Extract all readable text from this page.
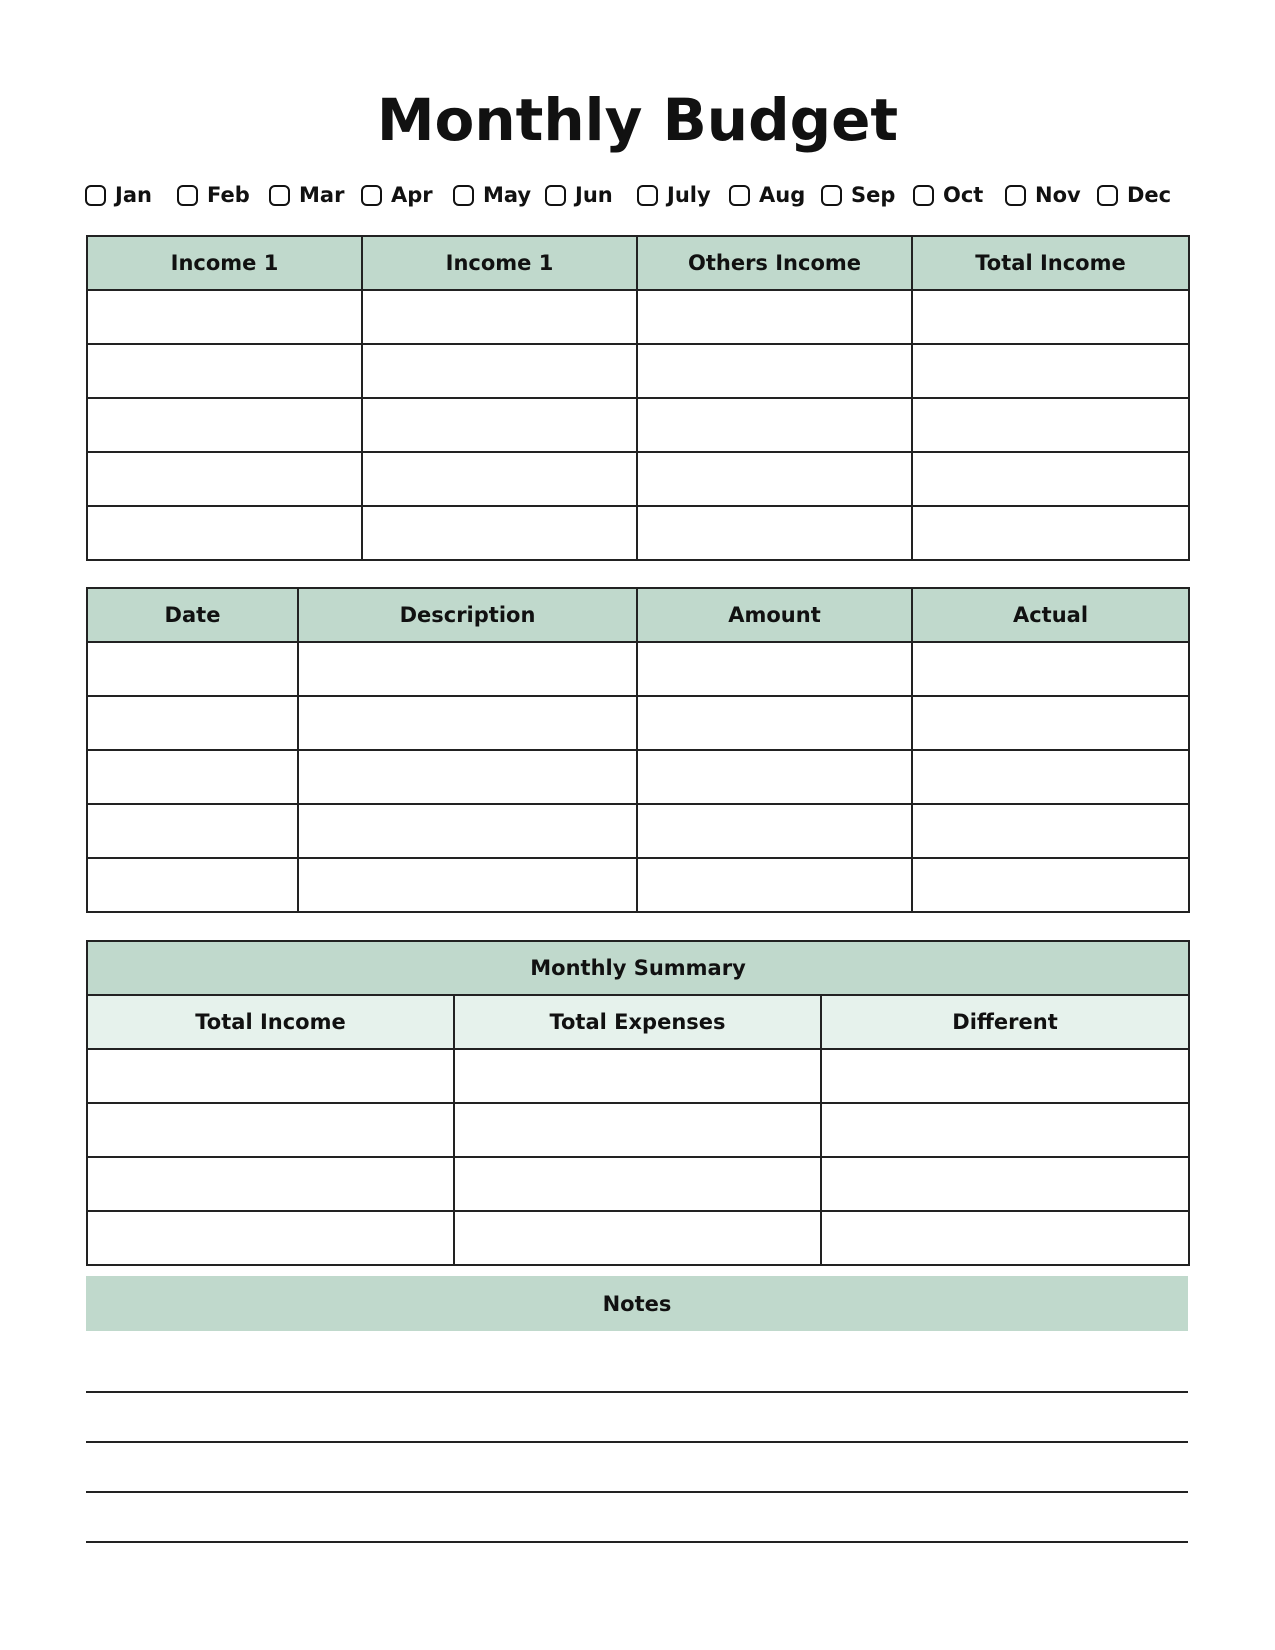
Monthly Budget
Jan	Feb Mar Apr May Jun	July Aug Sep Oct Nov Dec
Income 1	Income 1	Others Income	Total Income

Date	Description	Amount	Actual

Monthly Summary		
Total Income	Total Expenses	Different

Notes
